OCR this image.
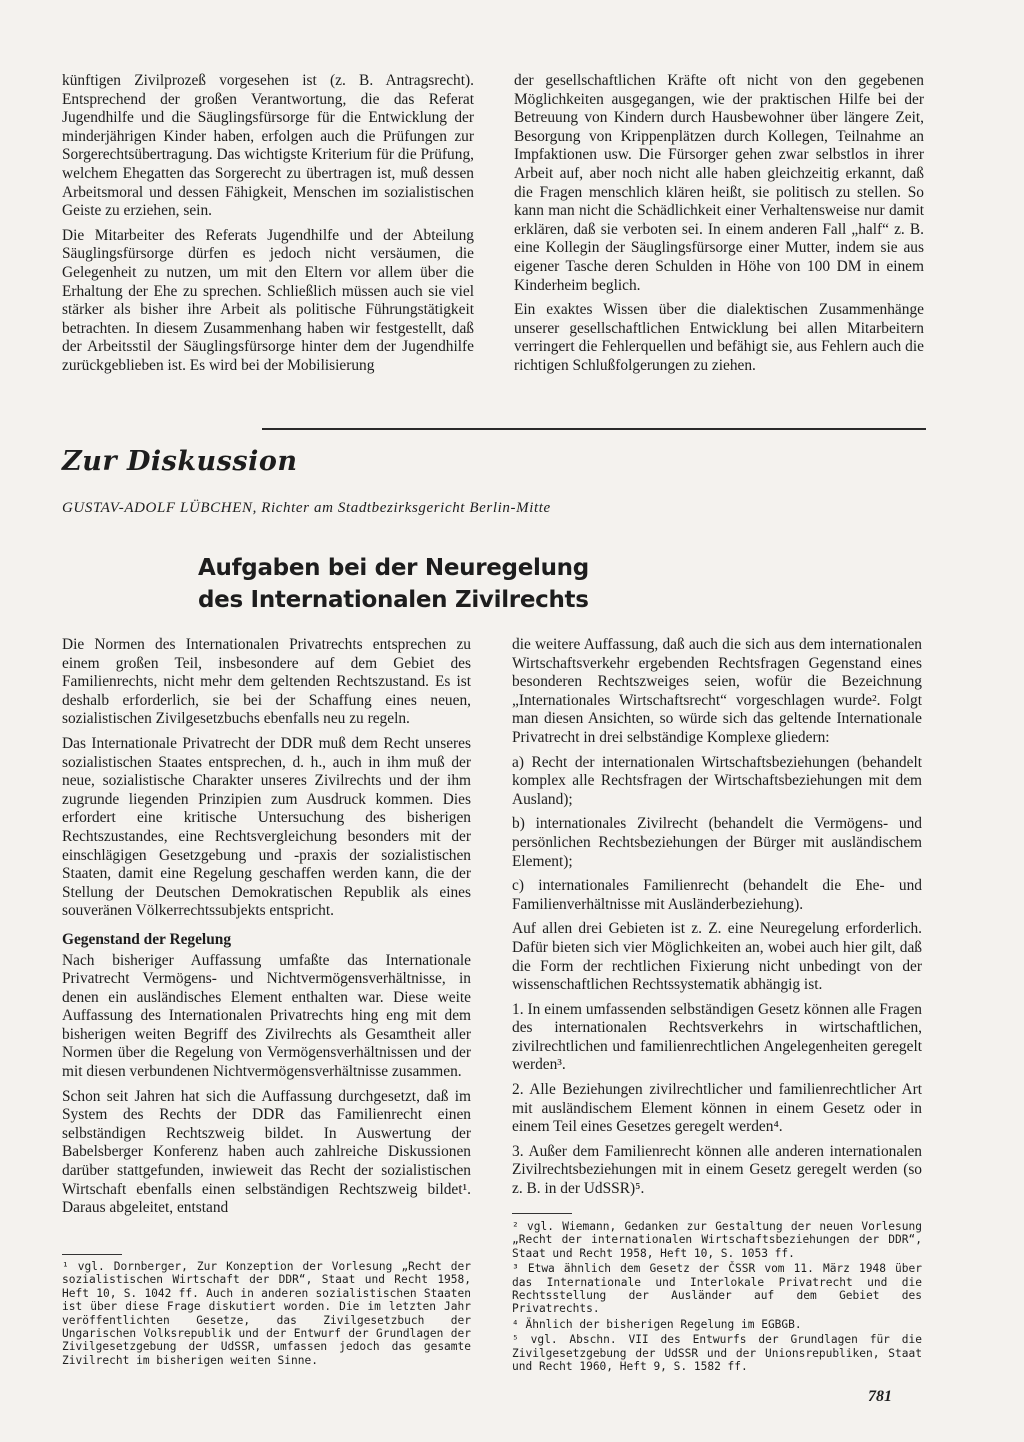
künftigen Zivilprozeß vorgesehen ist (z. B. Antragsrecht). Entsprechend der großen Verantwortung, die das Referat Jugendhilfe und die Säuglingsfürsorge für die Entwicklung der minderjährigen Kinder haben, erfolgen auch die Prüfungen zur Sorgerechtsübertragung. Das wichtigste Kriterium für die Prüfung, welchem Ehegatten das Sorgerecht zu übertragen ist, muß dessen Arbeitsmoral und dessen Fähigkeit, Menschen im sozialistischen Geiste zu erziehen, sein.

Die Mitarbeiter des Referats Jugendhilfe und der Abteilung Säuglingsfürsorge dürfen es jedoch nicht versäumen, die Gelegenheit zu nutzen, um mit den Eltern vor allem über die Erhaltung der Ehe zu sprechen. Schließlich müssen auch sie viel stärker als bisher ihre Arbeit als politische Führungstätigkeit betrachten. In diesem Zusammenhang haben wir festgestellt, daß der Arbeitsstil der Säuglingsfürsorge hinter dem der Jugendhilfe zurückgeblieben ist. Es wird bei der Mobilisierung

der gesellschaftlichen Kräfte oft nicht von den gegebenen Möglichkeiten ausgegangen, wie der praktischen Hilfe bei der Betreuung von Kindern durch Hausbewohner über längere Zeit, Besorgung von Krippenplätzen durch Kollegen, Teilnahme an Impfaktionen usw. Die Fürsorger gehen zwar selbstlos in ihrer Arbeit auf, aber noch nicht alle haben gleichzeitig erkannt, daß die Fragen menschlich klären heißt, sie politisch zu stellen. So kann man nicht die Schädlichkeit einer Verhaltensweise nur damit erklären, daß sie verboten sei. In einem anderen Fall „half“ z. B. eine Kollegin der Säuglingsfürsorge einer Mutter, indem sie aus eigener Tasche deren Schulden in Höhe von 100 DM in einem Kinderheim beglich.

Ein exaktes Wissen über die dialektischen Zusammenhänge unserer gesellschaftlichen Entwicklung bei allen Mitarbeitern verringert die Fehlerquellen und befähigt sie, aus Fehlern auch die richtigen Schlußfolgerungen zu ziehen.

Zur Diskussion
GUSTAV-ADOLF LÜBCHEN, Richter am Stadtbezirksgericht Berlin-Mitte
Aufgaben bei der Neuregelung
des Internationalen Zivilrechts

Die Normen des Internationalen Privatrechts entsprechen zu einem großen Teil, insbesondere auf dem Gebiet des Familienrechts, nicht mehr dem geltenden Rechtszustand. Es ist deshalb erforderlich, sie bei der Schaffung eines neuen, sozialistischen Zivilgesetzbuchs ebenfalls neu zu regeln.

Das Internationale Privatrecht der DDR muß dem Recht unseres sozialistischen Staates entsprechen, d. h., auch in ihm muß der neue, sozialistische Charakter unseres Zivilrechts und der ihm zugrunde liegenden Prinzipien zum Ausdruck kommen. Dies erfordert eine kritische Untersuchung des bisherigen Rechtszustandes, eine Rechtsvergleichung besonders mit der einschlägigen Gesetzgebung und -praxis der sozialistischen Staaten, damit eine Regelung geschaffen werden kann, die der Stellung der Deutschen Demokratischen Republik als eines souveränen Völkerrechtssubjekts entspricht.

Gegenstand der Regelung

Nach bisheriger Auffassung umfaßte das Internationale Privatrecht Vermögens- und Nichtvermögensverhältnisse, in denen ein ausländisches Element enthalten war. Diese weite Auffassung des Internationalen Privatrechts hing eng mit dem bisherigen weiten Begriff des Zivilrechts als Gesamtheit aller Normen über die Regelung von Vermögensverhältnissen und der mit diesen verbundenen Nichtvermögensverhältnisse zusammen.

Schon seit Jahren hat sich die Auffassung durchgesetzt, daß im System des Rechts der DDR das Familienrecht einen selbständigen Rechtszweig bildet. In Auswertung der Babelsberger Konferenz haben auch zahlreiche Diskussionen darüber stattgefunden, inwieweit das Recht der sozialistischen Wirtschaft ebenfalls einen selbständigen Rechtszweig bildet¹. Daraus abgeleitet, entstand

die weitere Auffassung, daß auch die sich aus dem internationalen Wirtschaftsverkehr ergebenden Rechtsfragen Gegenstand eines besonderen Rechtszweiges seien, wofür die Bezeichnung „Internationales Wirtschaftsrecht“ vorgeschlagen wurde². Folgt man diesen Ansichten, so würde sich das geltende Internationale Privatrecht in drei selbständige Komplexe gliedern:

a) Recht der internationalen Wirtschaftsbeziehungen (behandelt komplex alle Rechtsfragen der Wirtschaftsbeziehungen mit dem Ausland);

b) internationales Zivilrecht (behandelt die Vermögens- und persönlichen Rechtsbeziehungen der Bürger mit ausländischem Element);

c) internationales Familienrecht (behandelt die Ehe- und Familienverhältnisse mit Ausländerbeziehung).

Auf allen drei Gebieten ist z. Z. eine Neuregelung erforderlich. Dafür bieten sich vier Möglichkeiten an, wobei auch hier gilt, daß die Form der rechtlichen Fixierung nicht unbedingt von der wissenschaftlichen Rechtssystematik abhängig ist.

1. In einem umfassenden selbständigen Gesetz können alle Fragen des internationalen Rechtsverkehrs in wirtschaftlichen, zivilrechtlichen und familienrechtlichen Angelegenheiten geregelt werden³.

2. Alle Beziehungen zivilrechtlicher und familienrechtlicher Art mit ausländischem Element können in einem Gesetz oder in einem Teil eines Gesetzes geregelt werden⁴.

3. Außer dem Familienrecht können alle anderen internationalen Zivilrechtsbeziehungen mit in einem Gesetz geregelt werden (so z. B. in der UdSSR)⁵.

¹ vgl. Dornberger, Zur Konzeption der Vorlesung „Recht der sozialistischen Wirtschaft der DDR“, Staat und Recht 1958, Heft 10, S. 1042 ff. Auch in anderen sozialistischen Staaten ist über diese Frage diskutiert worden. Die im letzten Jahr veröffentlichten Gesetze, das Zivilgesetzbuch der Ungarischen Volksrepublik und der Entwurf der Grundlagen der Zivilgesetzgebung der UdSSR, umfassen jedoch das gesamte Zivilrecht im bisherigen weiten Sinne.

² vgl. Wiemann, Gedanken zur Gestaltung der neuen Vorlesung „Recht der internationalen Wirtschaftsbeziehungen der DDR“, Staat und Recht 1958, Heft 10, S. 1053 ff.

³ Etwa ähnlich dem Gesetz der ČSSR vom 11. März 1948 über das Internationale und Interlokale Privatrecht und die Rechtsstellung der Ausländer auf dem Gebiet des Privatrechts.

⁴ Ähnlich der bisherigen Regelung im EGBGB.

⁵ vgl. Abschn. VII des Entwurfs der Grundlagen für die Zivilgesetzgebung der UdSSR und der Unionsrepubliken, Staat und Recht 1960, Heft 9, S. 1582 ff.

781
